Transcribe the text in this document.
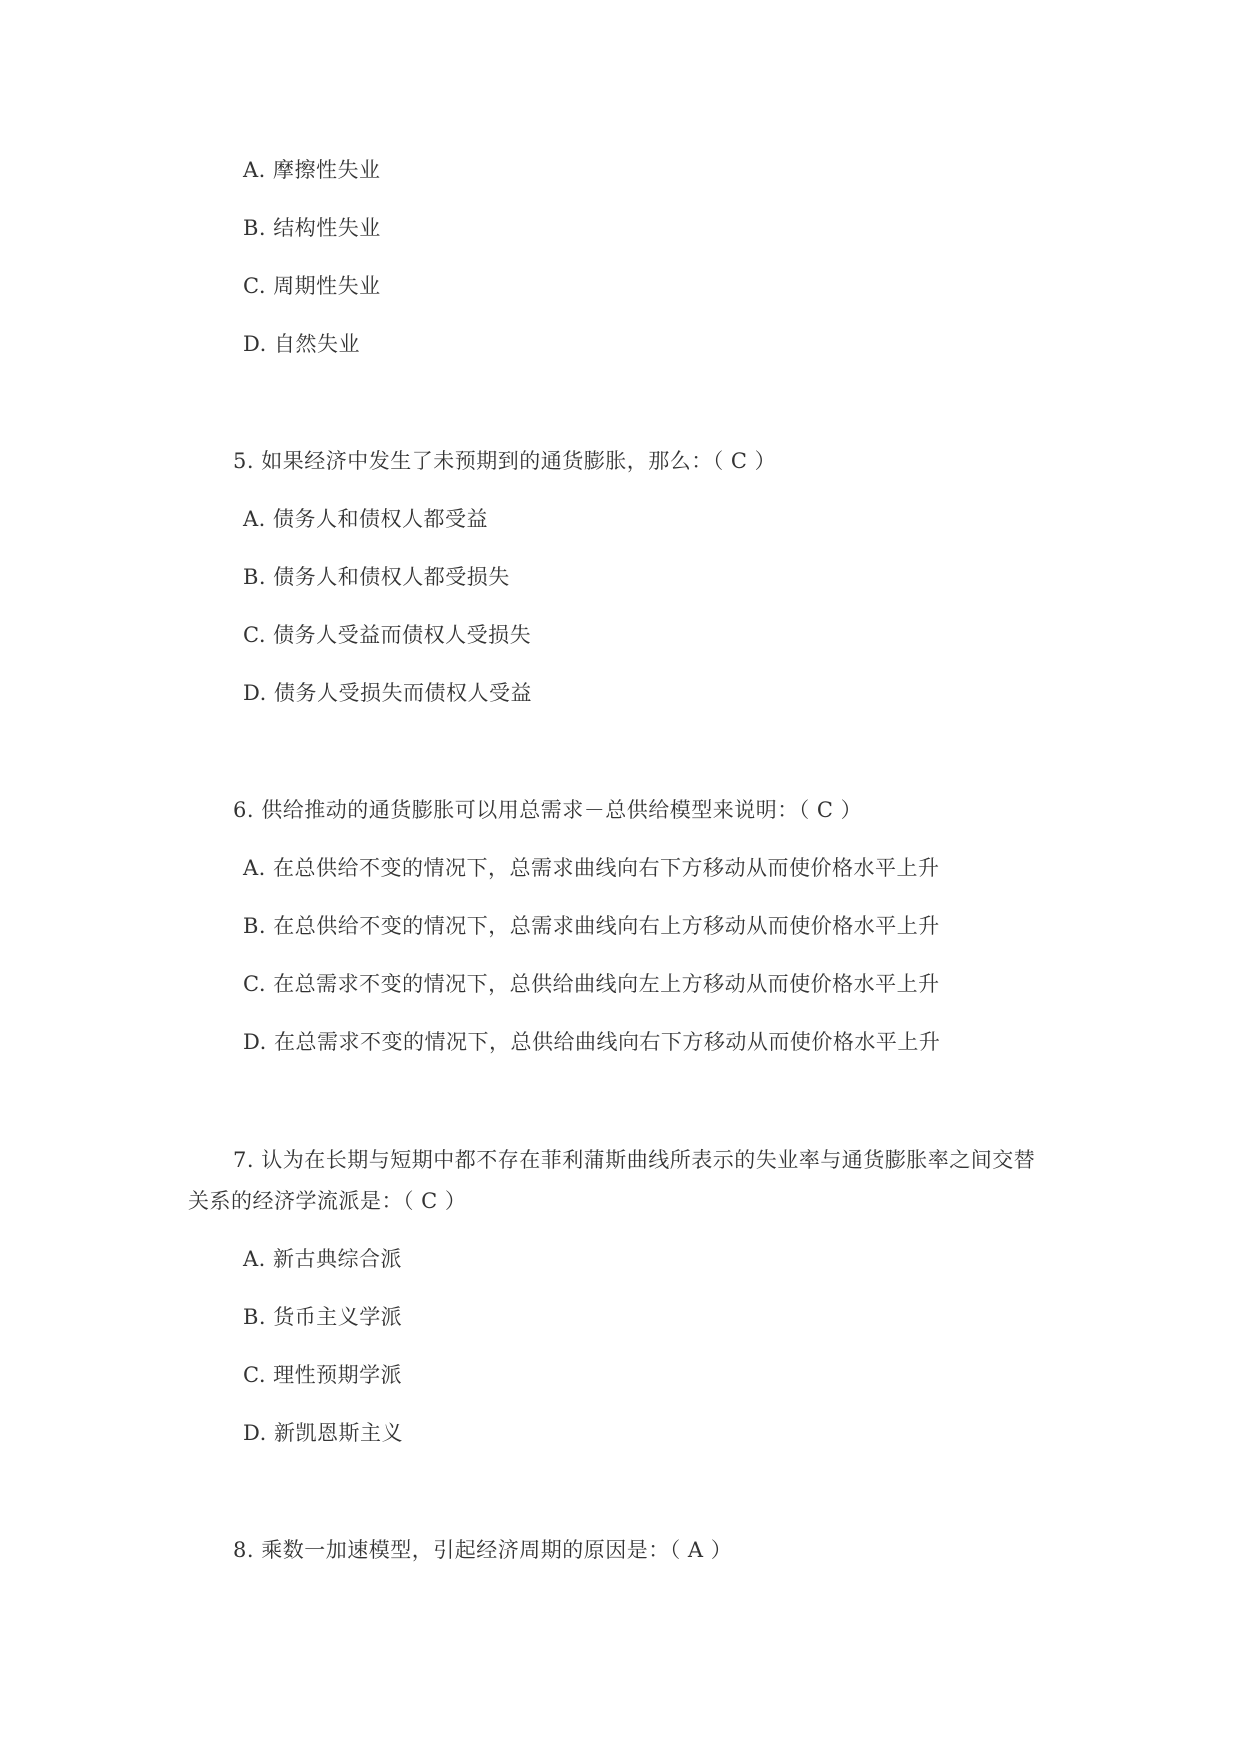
A. 摩擦性失业
B. 结构性失业
C. 周期性失业
D. 自然失业
5. 如果经济中发生了未预期到的通货膨胀，那么：（ C ）
A. 债务人和债权人都受益
B. 债务人和债权人都受损失
C. 债务人受益而债权人受损失
D. 债务人受损失而债权人受益
6. 供给推动的通货膨胀可以用总需求－总供给模型来说明：（ C ）
A. 在总供给不变的情况下，总需求曲线向右下方移动从而使价格水平上升
B. 在总供给不变的情况下，总需求曲线向右上方移动从而使价格水平上升
C. 在总需求不变的情况下，总供给曲线向左上方移动从而使价格水平上升
D. 在总需求不变的情况下，总供给曲线向右下方移动从而使价格水平上升
7. 认为在长期与短期中都不存在菲利蒲斯曲线所表示的失业率与通货膨胀率之间交替
关系的经济学流派是：（ C ）
A. 新古典综合派
B. 货币主义学派
C. 理性预期学派
D. 新凯恩斯主义
8. 乘数一加速模型，引起经济周期的原因是：（ A ）
